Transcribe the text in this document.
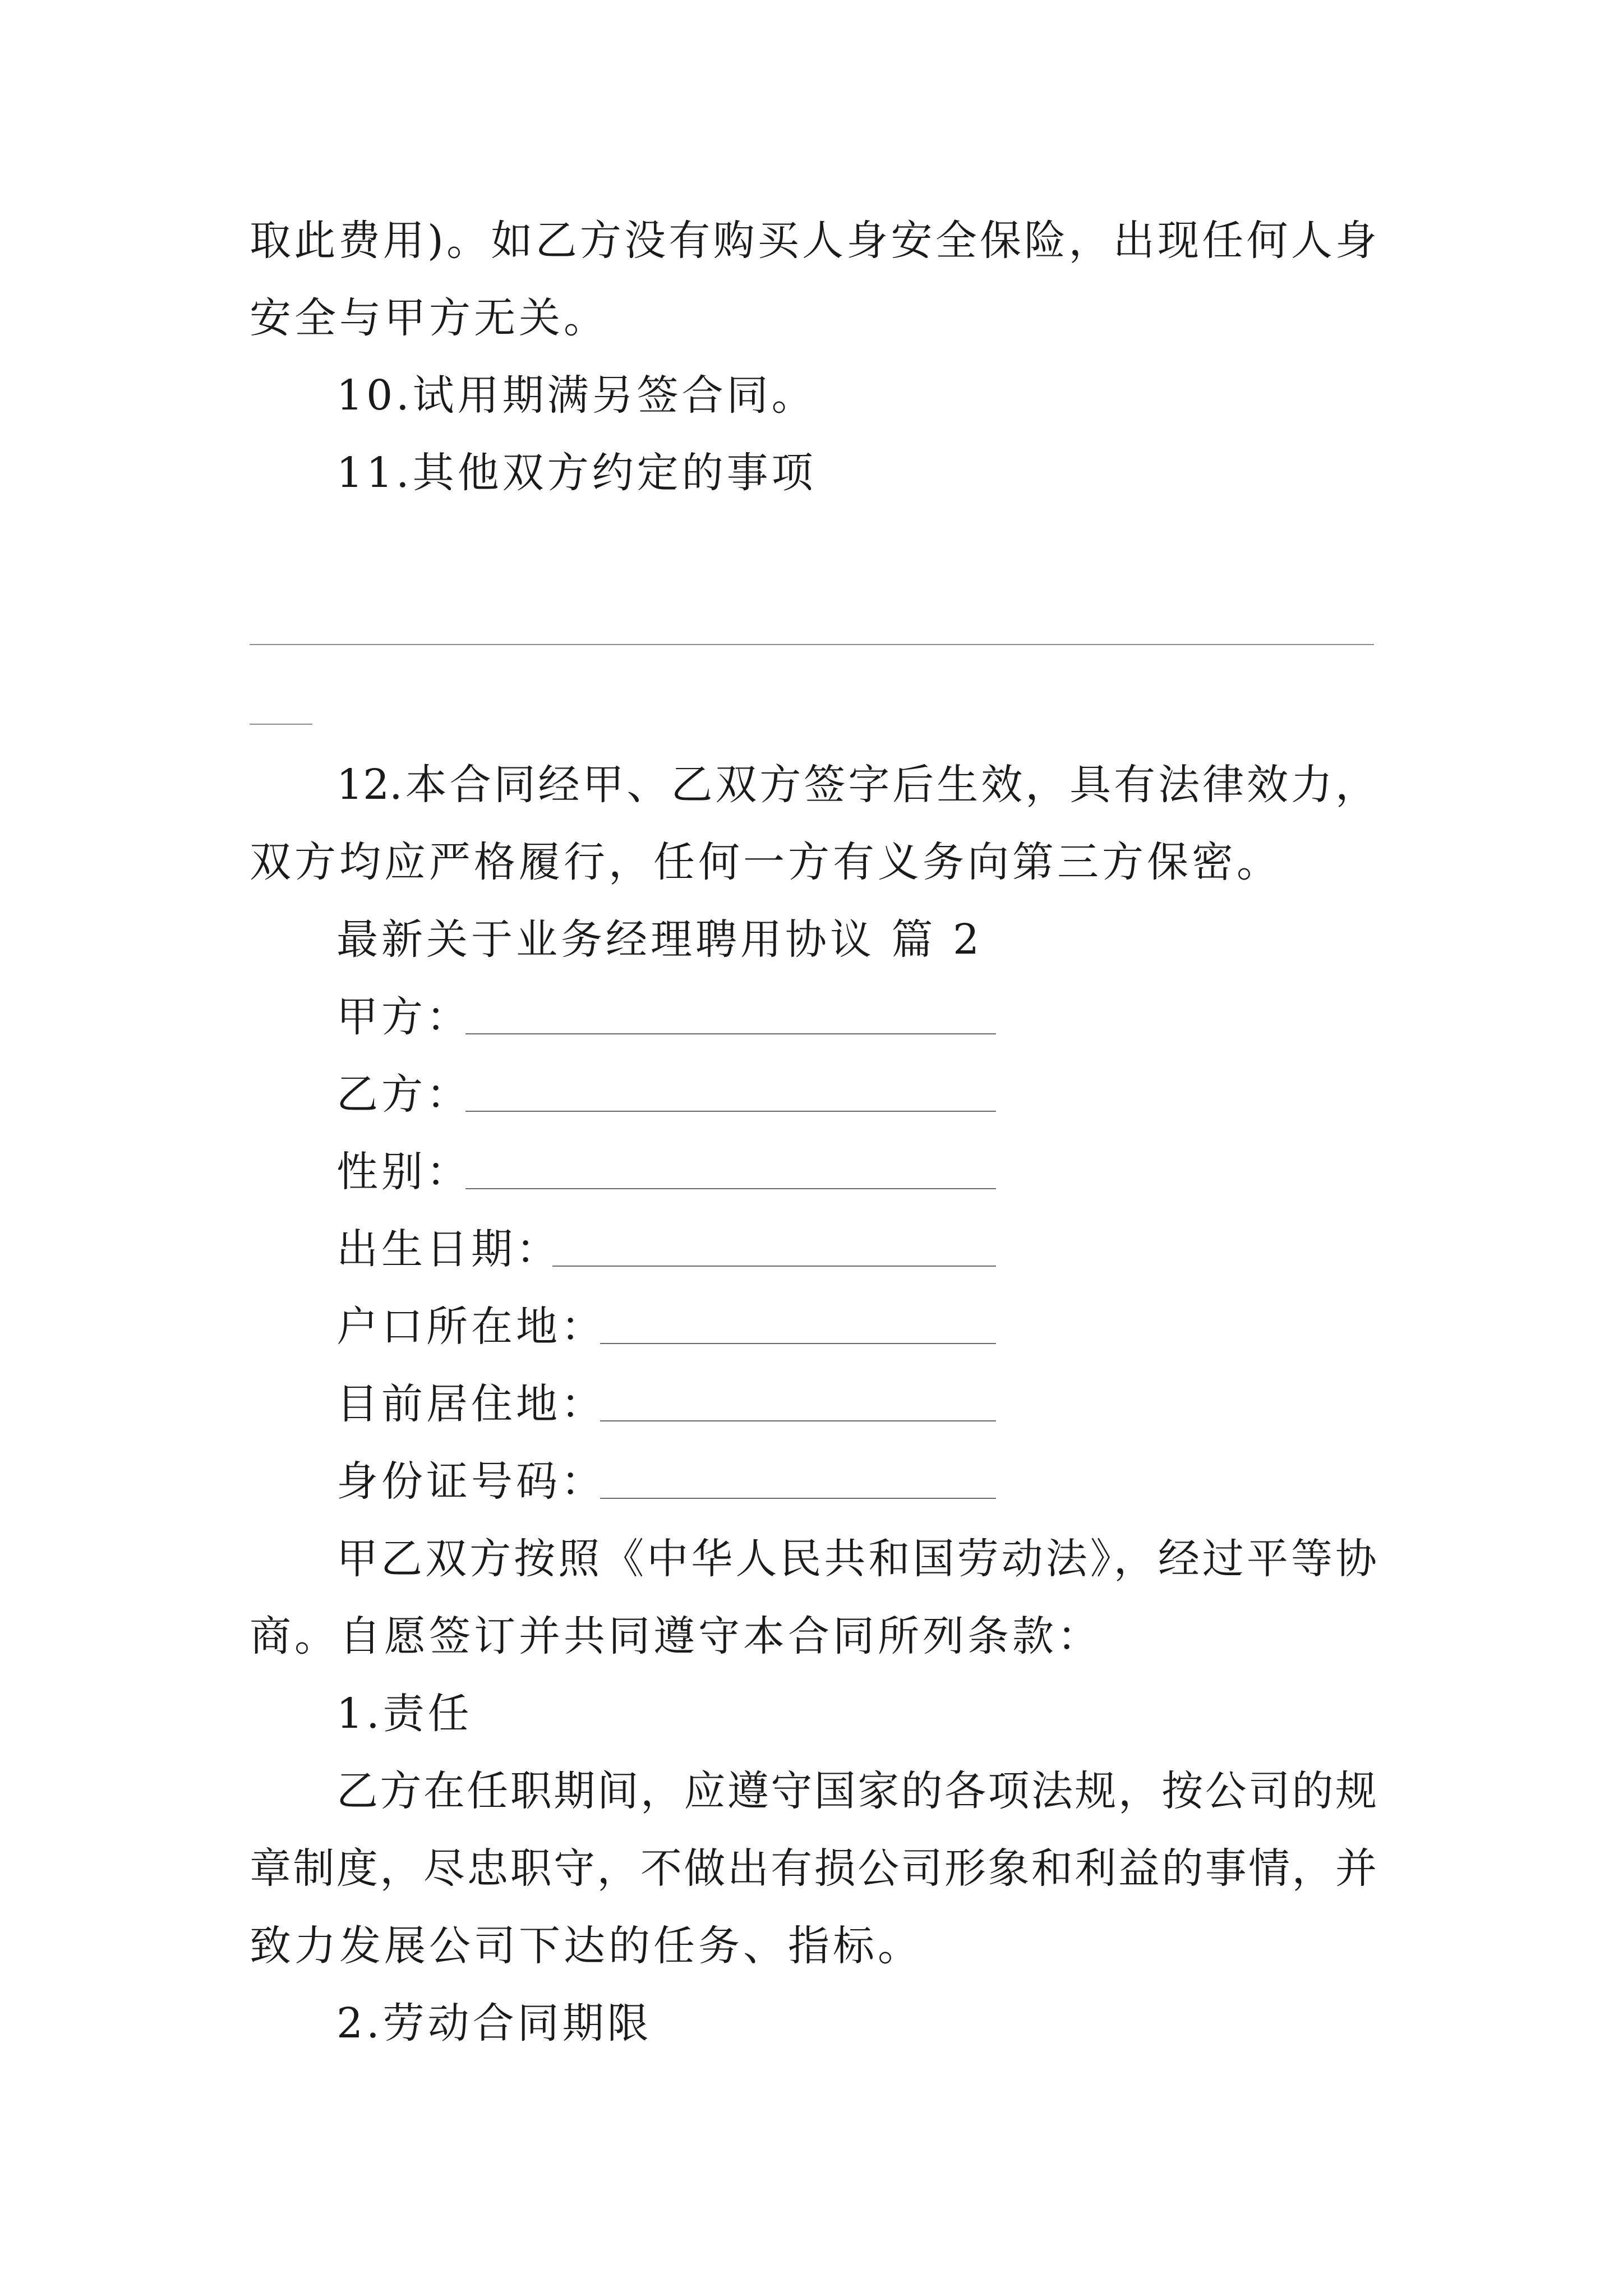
取此费用)。如乙方没有购买人身安全保险，出现任何人身
安全与甲方无关。
10.试用期满另签合同。
11.其他双方约定的事项
12.本合同经甲、乙双方签字后生效，具有法律效力，
双方均应严格履行，任何一方有义务向第三方保密。
最新关于业务经理聘用协议 篇 2
甲方：
乙方：
性别：
出生日期：
户口所在地：
目前居住地：
身份证号码：
甲乙双方按照《中华人民共和国劳动法》，经过平等协
商。自愿签订并共同遵守本合同所列条款：
1.责任
乙方在任职期间，应遵守国家的各项法规，按公司的规
章制度，尽忠职守，不做出有损公司形象和利益的事情，并
致力发展公司下达的任务、指标。
2.劳动合同期限
